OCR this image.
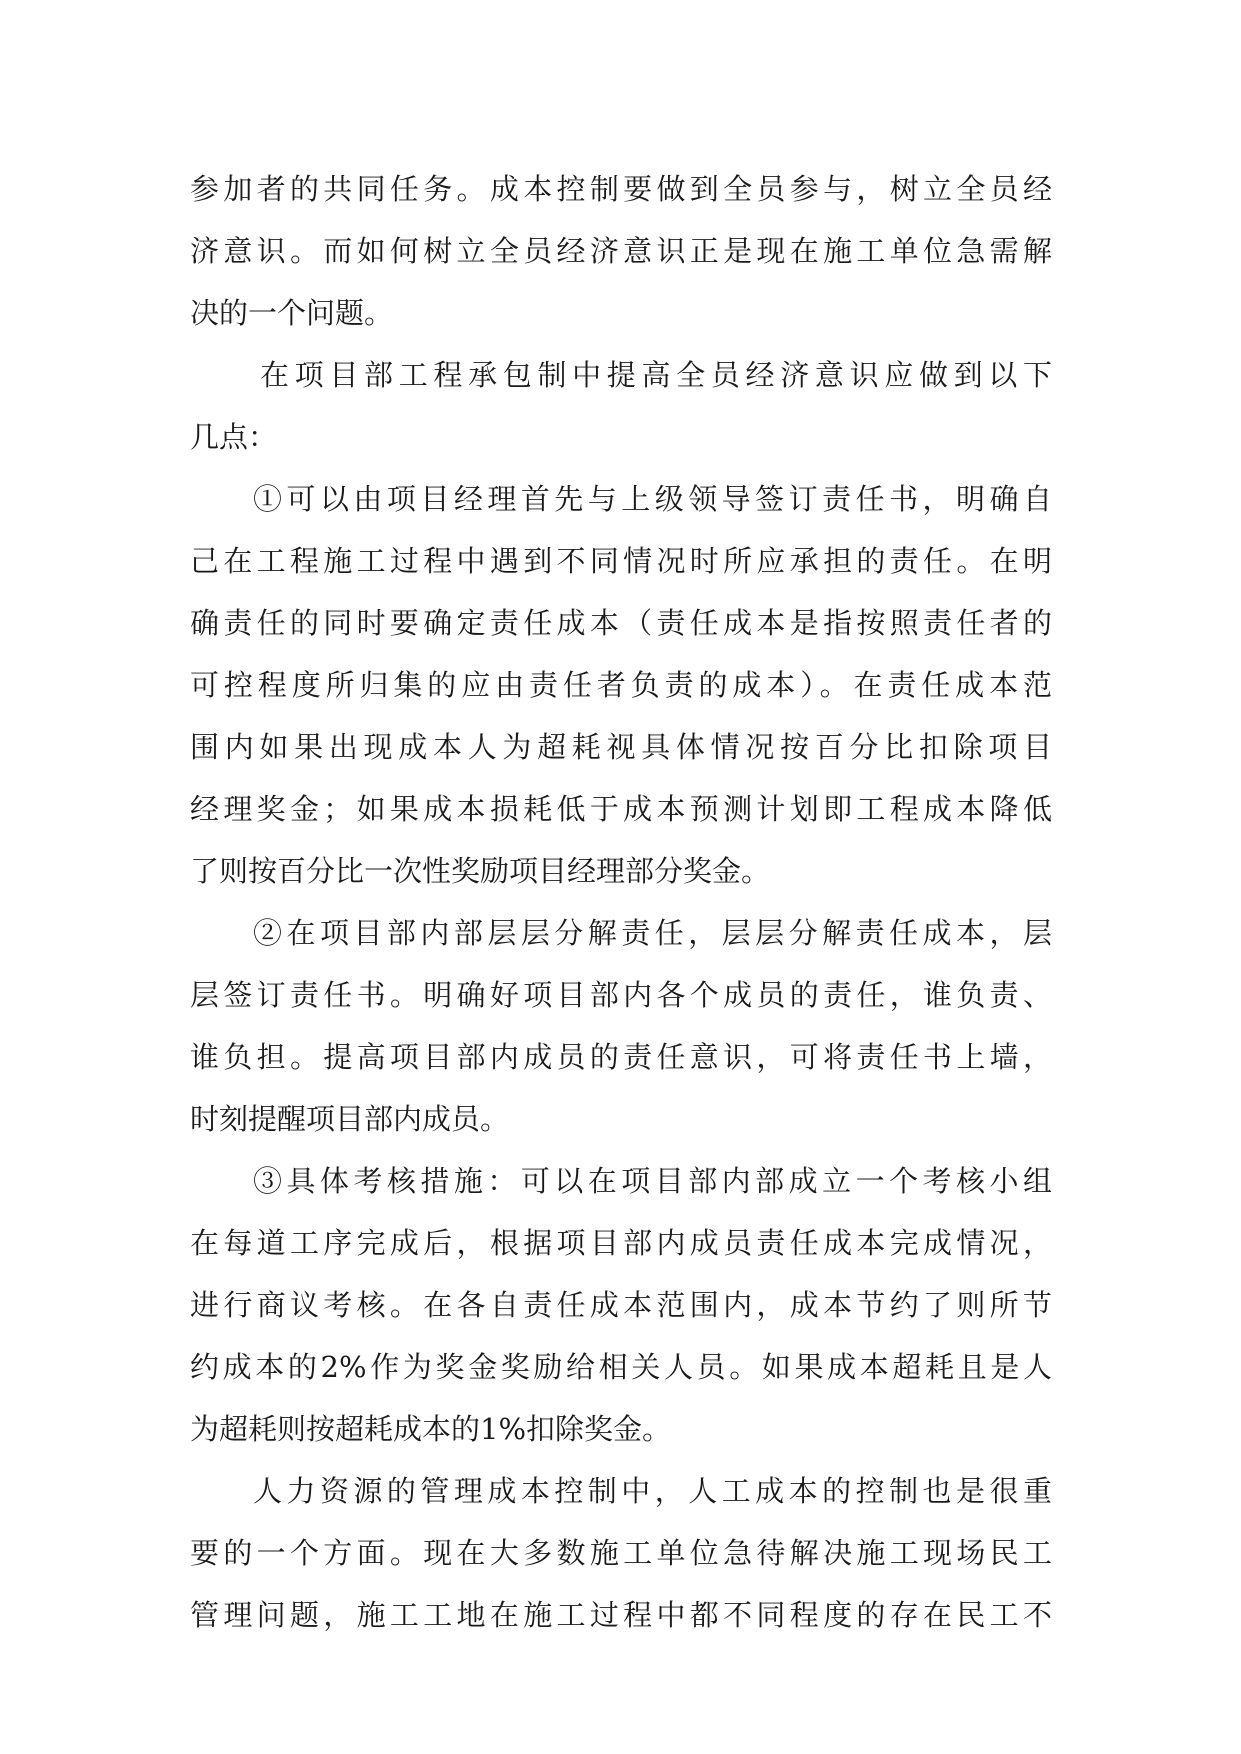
参加者的共同任务。成本控制要做到全员参与，树立全员经
济意识。而如何树立全员经济意识正是现在施工单位急需解
决的一个问题。
在项目部工程承包制中提高全员经济意识应做到以下
几点：
①可以由项目经理首先与上级领导签订责任书，明确自
己在工程施工过程中遇到不同情况时所应承担的责任。在明
确责任的同时要确定责任成本（责任成本是指按照责任者的
可控程度所归集的应由责任者负责的成本）。在责任成本范
围内如果出现成本人为超耗视具体情况按百分比扣除项目
经理奖金；如果成本损耗低于成本预测计划即工程成本降低
了则按百分比一次性奖励项目经理部分奖金。
②在项目部内部层层分解责任，层层分解责任成本，层
层签订责任书。明确好项目部内各个成员的责任，谁负责、
谁负担。提高项目部内成员的责任意识，可将责任书上墙，
时刻提醒项目部内成员。
③具体考核措施：可以在项目部内部成立一个考核小组
在每道工序完成后，根据项目部内成员责任成本完成情况，
进行商议考核。在各自责任成本范围内，成本节约了则所节
约成本的2%作为奖金奖励给相关人员。如果成本超耗且是人
为超耗则按超耗成本的1%扣除奖金。
人力资源的管理成本控制中，人工成本的控制也是很重
要的一个方面。现在大多数施工单位急待解决施工现场民工
管理问题，施工工地在施工过程中都不同程度的存在民工不
